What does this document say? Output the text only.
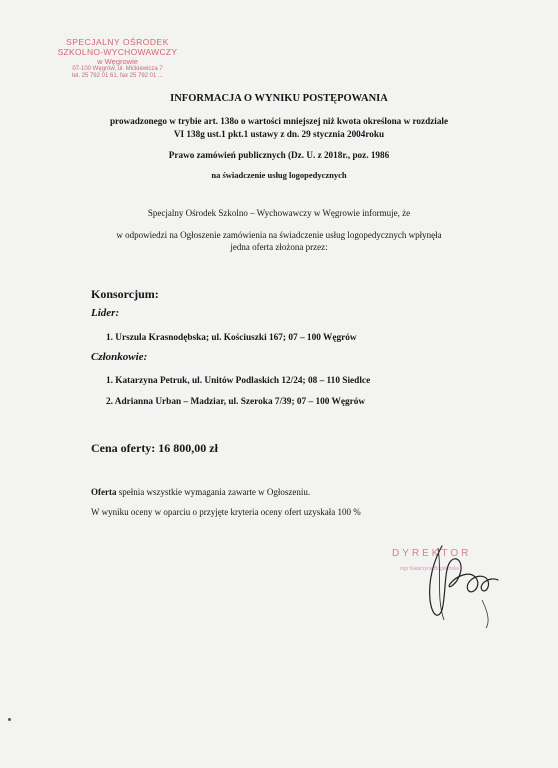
SPECJALNY OŚRODEK
SZKOLNO-WYCHOWAWCZY
w Węgrowie
07-100 Węgrów, ul. Mickiewicza 7
tel. 25 792 01 61, fax 25 792 01 ...
INFORMACJA O WYNIKU POSTĘPOWANIA
prowadzonego w trybie art. 138o o wartości mniejszej niż kwota określona w rozdziale
VI 138g ust.1 pkt.1 ustawy z dn. 29 stycznia 2004roku
Prawo zamówień publicznych (Dz. U. z 2018r., poz. 1986
na świadczenie usług logopedycznych
Specjalny Ośrodek Szkolno – Wychowawczy w Węgrowie informuje, że
w odpowiedzi na Ogłoszenie zamówienia na świadczenie usług logopedycznych wpłynęła
jedna oferta złożona przez:
Konsorcjum:
Lider:
1. Urszula Krasnodębska; ul. Kościuszki 167; 07 – 100 Węgrów
Członkowie:
1. Katarzyna Petruk, ul. Unitów Podlaskich 12/24; 08 – 110 Siedlce
2. Adrianna Urban – Madziar, ul. Szeroka 7/39; 07 – 100 Węgrów
Cena oferty: 16 800,00 zł
Oferta spełnia wszystkie wymagania zawarte w Ogłoszeniu.
W wyniku oceny w oparciu o przyjęte kryteria oceny ofert uzyskała 100 %
DYREKTOR
mgr Katarzyna Bogdańska
